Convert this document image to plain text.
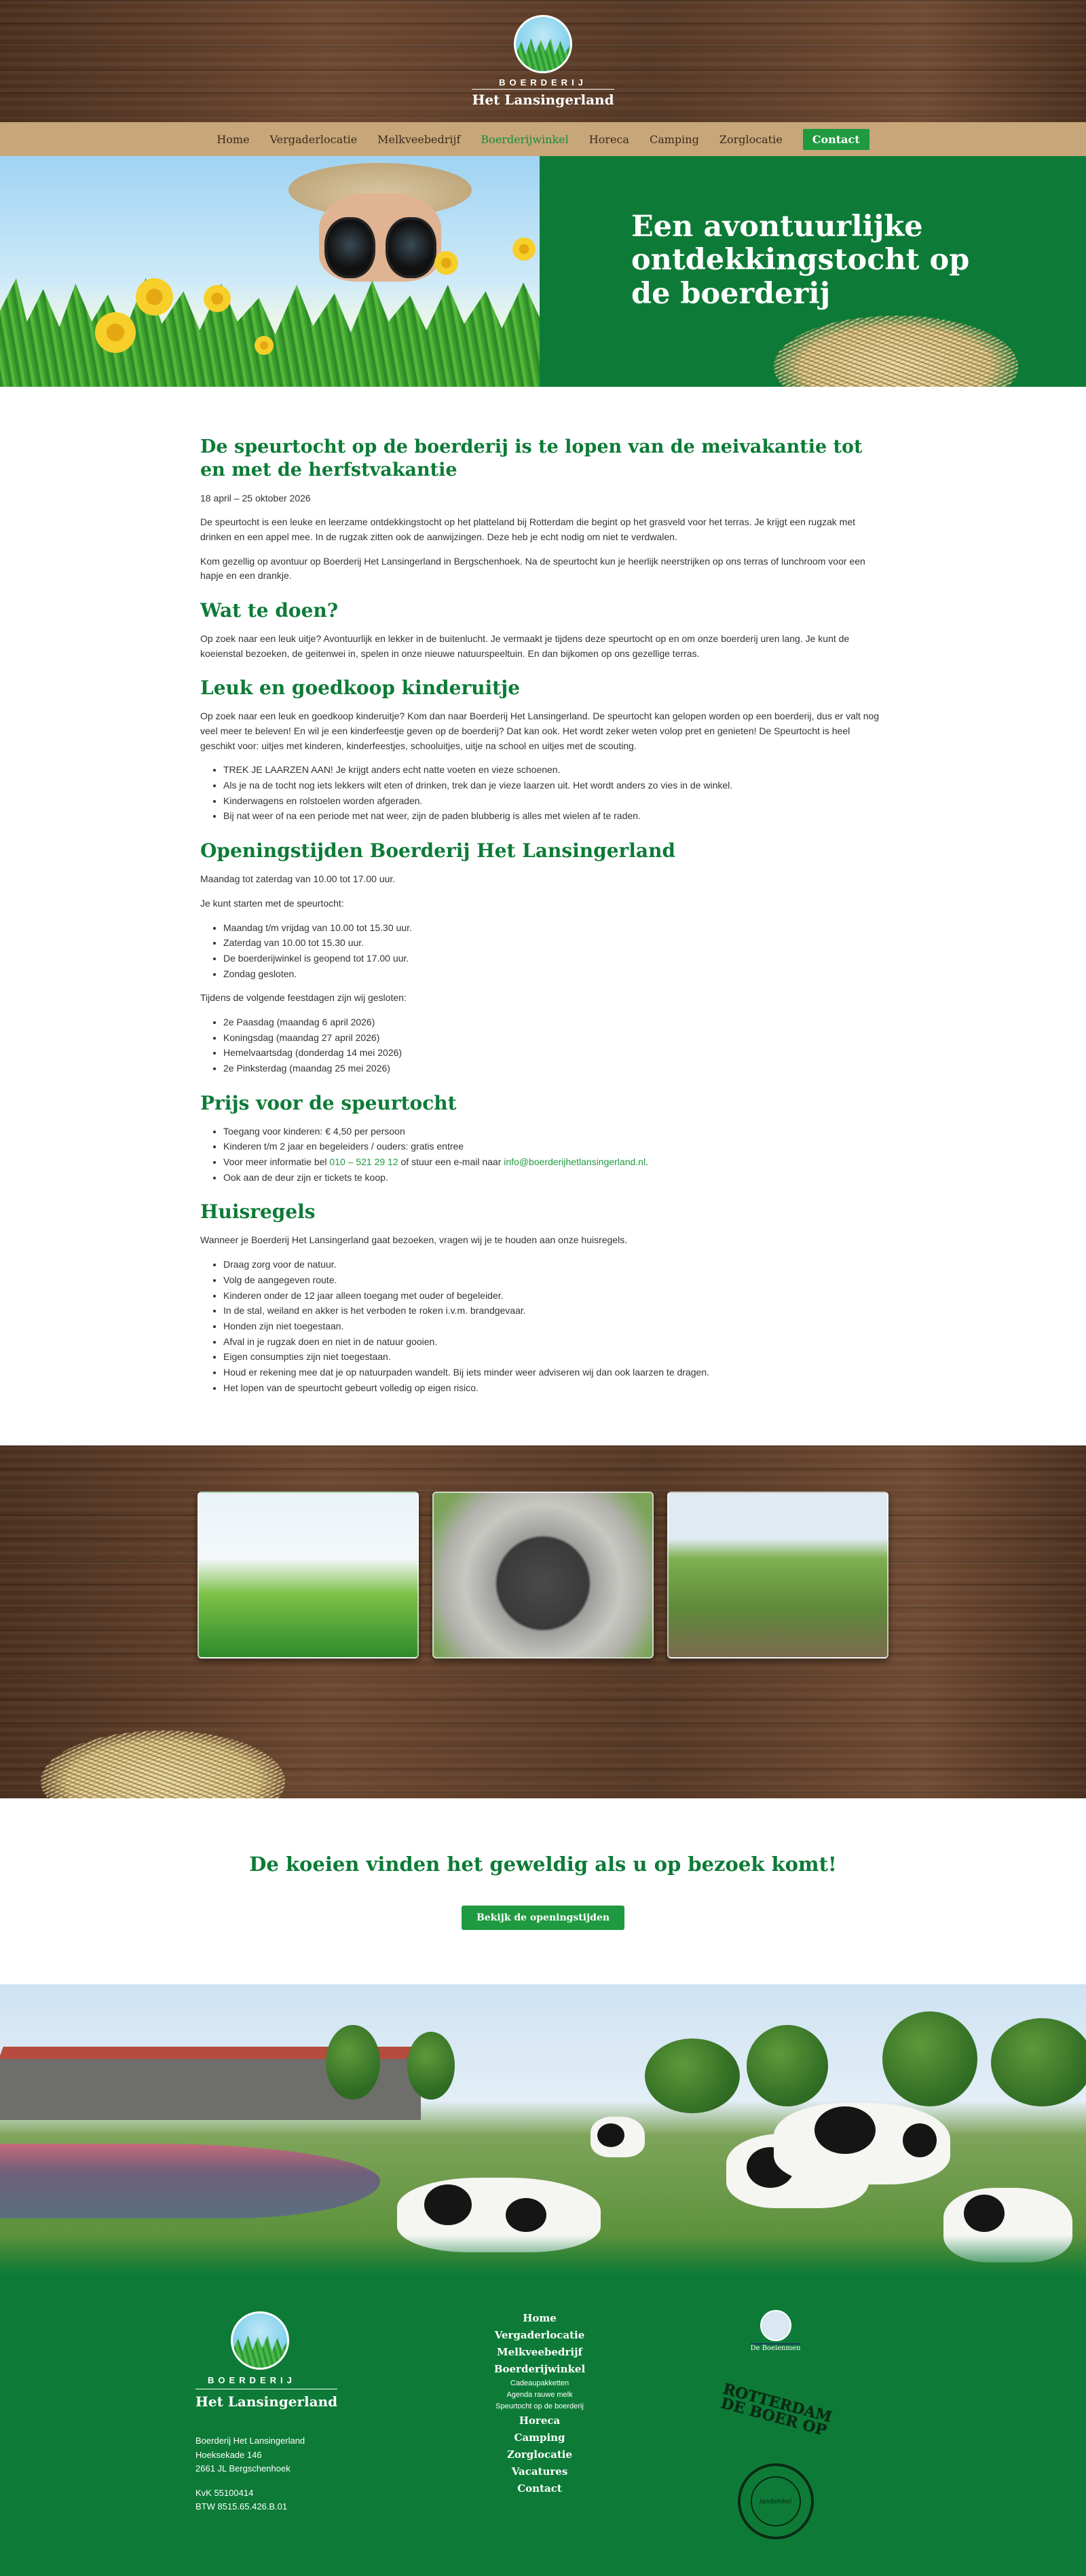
BOERDERIJ
Het Lansingerland
Home Vergaderlocatie Melkveebedrijf Boerderijwinkel Horeca Camping Zorglocatie	Contact
Een avontuurlijke ontdekkingstocht op de boerderij
De speurtocht op de boerderij is te lopen van de meivakantie tot en met de herfstvakantie

18 april – 25 oktober 2026

De speurtocht is een leuke en leerzame ontdekkingstocht op het platteland bij Rotterdam die begint op het grasveld voor het terras. Je krijgt een rugzak met drinken en een appel mee. In de rugzak zitten ook de aanwijzingen. Deze heb je echt nodig om niet te verdwalen.

Kom gezellig op avontuur op Boerderij Het Lansingerland in Bergschenhoek. Na de speurtocht kun je heerlijk neerstrijken op ons terras of lunchroom voor een hapje en een drankje.

Wat te doen?

Op zoek naar een leuk uitje? Avontuurlijk en lekker in de buitenlucht. Je vermaakt je tijdens deze speurtocht op en om onze boerderij uren lang. Je kunt de koeienstal bezoeken, de geitenwei in, spelen in onze nieuwe natuurspeeltuin. En dan bijkomen op ons gezellige terras.

Leuk en goedkoop kinderuitje

Op zoek naar een leuk en goedkoop kinderuitje? Kom dan naar Boerderij Het Lansingerland. De speurtocht kan gelopen worden op een boerderij, dus er valt nog veel meer te beleven! En wil je een kinderfeestje geven op de boerderij? Dat kan ook. Het wordt zeker weten volop pret en genieten! De Speurtocht is heel geschikt voor: uitjes met kinderen, kinderfeestjes, schooluitjes, uitje na school en uitjes met de scouting.

• TREK JE LAARZEN AAN! Je krijgt anders echt natte voeten en vieze schoenen.
• Als je na de tocht nog iets lekkers wilt eten of drinken, trek dan je vieze laarzen uit. Het wordt anders zo vies in de winkel.
• Kinderwagens en rolstoelen worden afgeraden.
• Bij nat weer of na een periode met nat weer, zijn de paden blubberig is alles met wielen af te raden.
Openingstijden Boerderij Het Lansingerland

Maandag tot zaterdag van 10.00 tot 17.00 uur.

Je kunt starten met de speurtocht:

• Maandag t/m vrijdag van 10.00 tot 15.30 uur.
• Zaterdag van 10.00 tot 15.30 uur.
• De boerderijwinkel is geopend tot 17.00 uur.
• Zondag gesloten.

Tijdens de volgende feestdagen zijn wij gesloten:

• 2e Paasdag (maandag 6 april 2026)
• Koningsdag (maandag 27 april 2026)
• Hemelvaartsdag (donderdag 14 mei 2026)
• 2e Pinksterdag (maandag 25 mei 2026)
Prijs voor de speurtocht
• Toegang voor kinderen: € 4,50 per persoon
• Kinderen t/m 2 jaar en begeleiders / ouders: gratis entree
• Voor meer informatie bel 010 – 521 29 12 of stuur een e-mail naar info@boerderijhetlansingerland.nl.
• Ook aan de deur zijn er tickets te koop.
Huisregels

Wanneer je Boerderij Het Lansingerland gaat bezoeken, vragen wij je te houden aan onze huisregels.

• Draag zorg voor de natuur.
• Volg de aangegeven route.
• Kinderen onder de 12 jaar alleen toegang met ouder of begeleider.
• In de stal, weiland en akker is het verboden te roken i.v.m. brandgevaar.
• Honden zijn niet toegestaan.
• Afval in je rugzak doen en niet in de natuur gooien.
• Eigen consumpties zijn niet toegestaan.
• Houd er rekening mee dat je op natuurpaden wandelt. Bij iets minder weer adviseren wij dan ook laarzen te dragen.
• Het lopen van de speurtocht gebeurt volledig op eigen risico.
De koeien vinden het geweldig als u op bezoek komt!
Bekijk de openingstijden
BOERDERIJ
Het Lansingerland
Boerderij Het Lansingerland
Hoeksekade 146
2661 JL Bergschenhoek
KvK 55100414
BTW 8515.65.426.B.01
Home
Vergaderlocatie
Melkveebedrijf
Boerderijwinkel
Cadeaupakketten
Agenda rauwe melk
Speurtocht op de boerderij
Horeca
Camping
Zorglocatie
Vacatures
Contact
De Boeienmen
ROTTERDAM DE BOER OP
landwinkel
